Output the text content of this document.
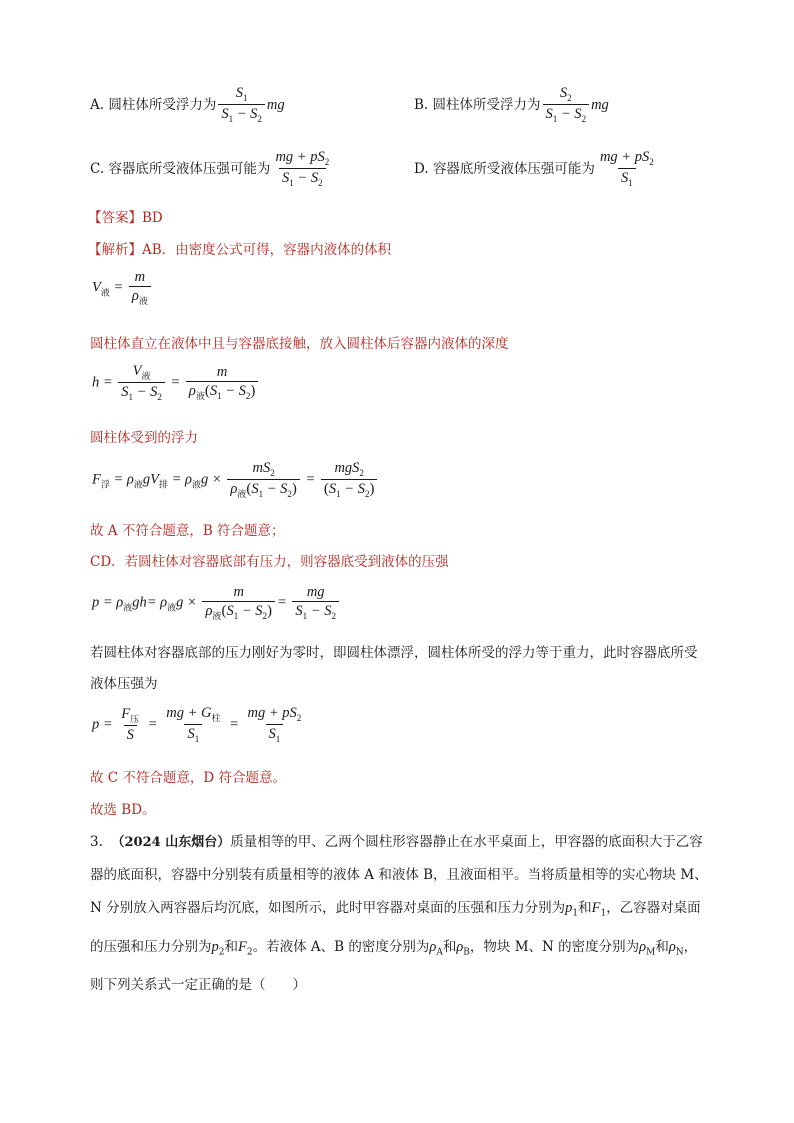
A. 圆柱体所受浮力为 $\frac{S_1}{S_1 - S_2}$ mg	B. 圆柱体所受浮力为 $\frac{S_2}{S_1 - S_2}$ mg
C. 容器底所受液体压强可能为 $\frac{mg + pS_2}{S_1 - S_2}$	D. 容器底所受液体压强可能为 $\frac{mg + pS_2}{S_1}$
【答案】BD
【解析】AB．由密度公式可得，容器内液体的体积
$V_液 = \frac{m}{\rho_液}$
圆柱体直立在液体中且与容器底接触，放入圆柱体后容器内液体的深度
$h = \frac{V_液}{S_1 - S_2} = \frac{m}{\rho_液(S_1 - S_2)}$
圆柱体受到的浮力
$F_浮 = \rho_液gV_排 = \rho_液g \times \frac{mS_2}{\rho_液(S_1 - S_2)} = \frac{mgS_2}{(S_1 - S_2)}$
故 A 不符合题意，B 符合题意；
CD．若圆柱体对容器底部有压力，则容器底受到液体的压强
$p = \rho_液gh= \rho_液g \times \frac{m}{\rho_液(S_1 - S_2)} = \frac{mg}{S_1 - S_2}$
若圆柱体对容器底部的压力刚好为零时，即圆柱体漂浮，圆柱体所受的浮力等于重力，此时容器底所受液体压强为
$p = \frac{F_压}{S} = \frac{mg + G_柱}{S_1} = \frac{mg + pS_2}{S_1}$
故 C 不符合题意，D 符合题意。
故选 BD。
3. （2024 山东烟台）质量相等的甲、乙两个圆柱形容器静止在水平桌面上，甲容器的底面积大于乙容器的底面积，容器中分别装有质量相等的液体 A 和液体 B，且液面相平。当将质量相等的实心物块 M、N 分别放入两容器后均沉底，如图所示，此时甲容器对桌面的压强和压力分别为$p_1$和$F_1$，乙容器对桌面的压强和压力分别为$p_2$和$F_2$。若液体 A、B 的密度分别为$\rho_A$和$\rho_B$，物块 M、N 的密度分别为$\rho_M$和$\rho_N$，则下列关系式一定正确的是（　　）
